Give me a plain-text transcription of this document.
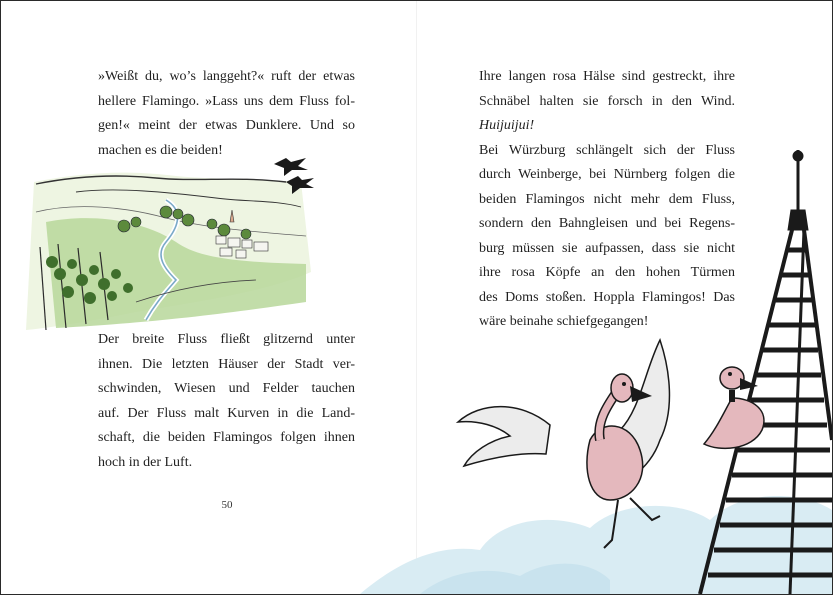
»Weißt du, wo’s langgeht?« ruft der etwas

hellere Flamingo. »Lass uns dem Fluss fol-

gen!« meint der etwas Dunklere. Und so

machen es die beiden!

Der breite Fluss fließt glitzernd unter

ihnen. Die letzten Häuser der Stadt ver-

schwinden, Wiesen und Felder tauchen

auf. Der Fluss malt Kurven in die Land-

schaft, die beiden Flamingos folgen ihnen

hoch in der Luft.

50

Ihre langen rosa Hälse sind gestreckt, ihre

Schnäbel halten sie forsch in den Wind.

Huijuijui!

Bei Würzburg schlängelt sich der Fluss

durch Weinberge, bei Nürnberg folgen die

beiden Flamingos nicht mehr dem Fluss,

sondern den Bahngleisen und bei Regens-

burg müssen sie aufpassen, dass sie nicht

ihre rosa Köpfe an den hohen Türmen

des Doms stoßen. Hoppla Flamingos! Das

wäre beinahe schiefgegangen!
